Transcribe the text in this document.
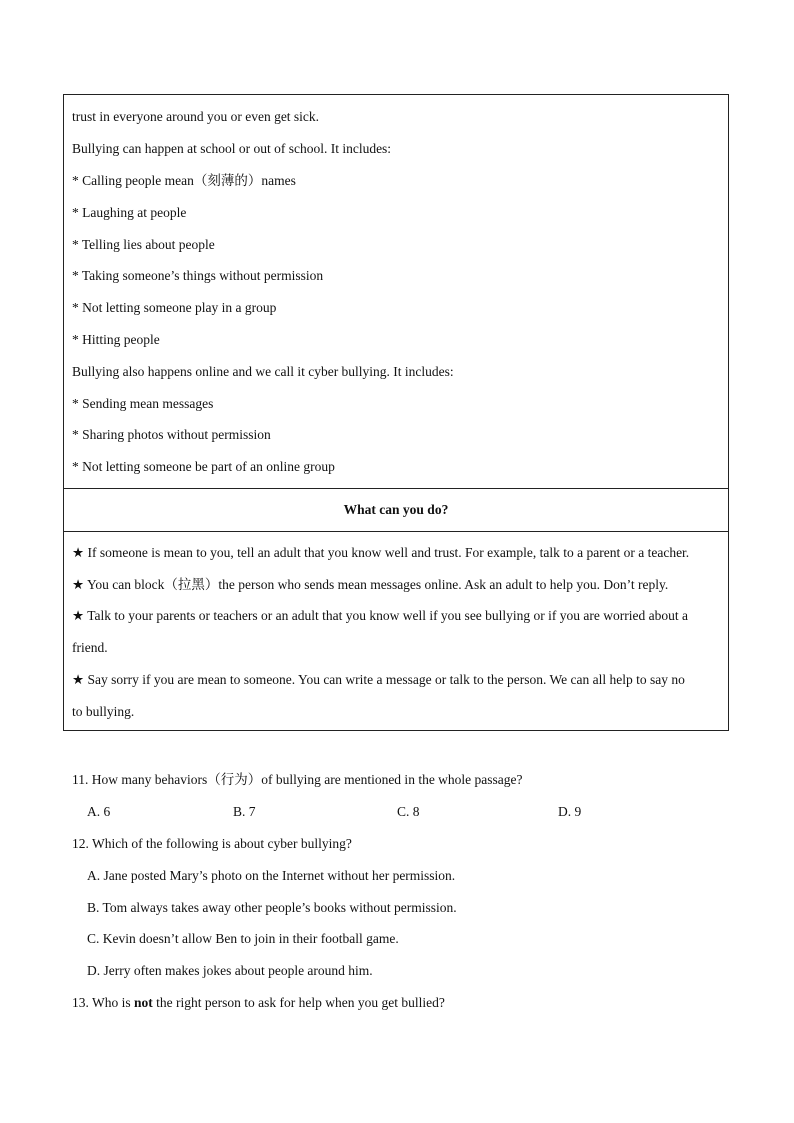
trust in everyone around you or even get sick.
Bullying can happen at school or out of school. It includes:
* Calling people mean（刻薄的）names
* Laughing at people
* Telling lies about people
* Taking someone’s things without permission
* Not letting someone play in a group
* Hitting people
Bullying also happens online and we call it cyber bullying. It includes:
* Sending mean messages
* Sharing photos without permission
* Not letting someone be part of an online group
What can you do?
★ If someone is mean to you, tell an adult that you know well and trust. For example, talk to a parent or a teacher.
★ You can block（拉黑）the person who sends mean messages online. Ask an adult to help you. Don’t reply.
★ Talk to your parents or teachers or an adult that you know well if you see bullying or if you are worried about a
friend.
★ Say sorry if you are mean to someone. You can write a message or talk to the person. We can all help to say no
to bullying.
11. How many behaviors（行为）of bullying are mentioned in the whole passage?
A. 6	B. 7	C. 8	D. 9
12. Which of the following is about cyber bullying?
A. Jane posted Mary’s photo on the Internet without her permission.
B. Tom always takes away other people’s books without permission.
C. Kevin doesn’t allow Ben to join in their football game.
D. Jerry often makes jokes about people around him.
13. Who is not the right person to ask for help when you get bullied?
